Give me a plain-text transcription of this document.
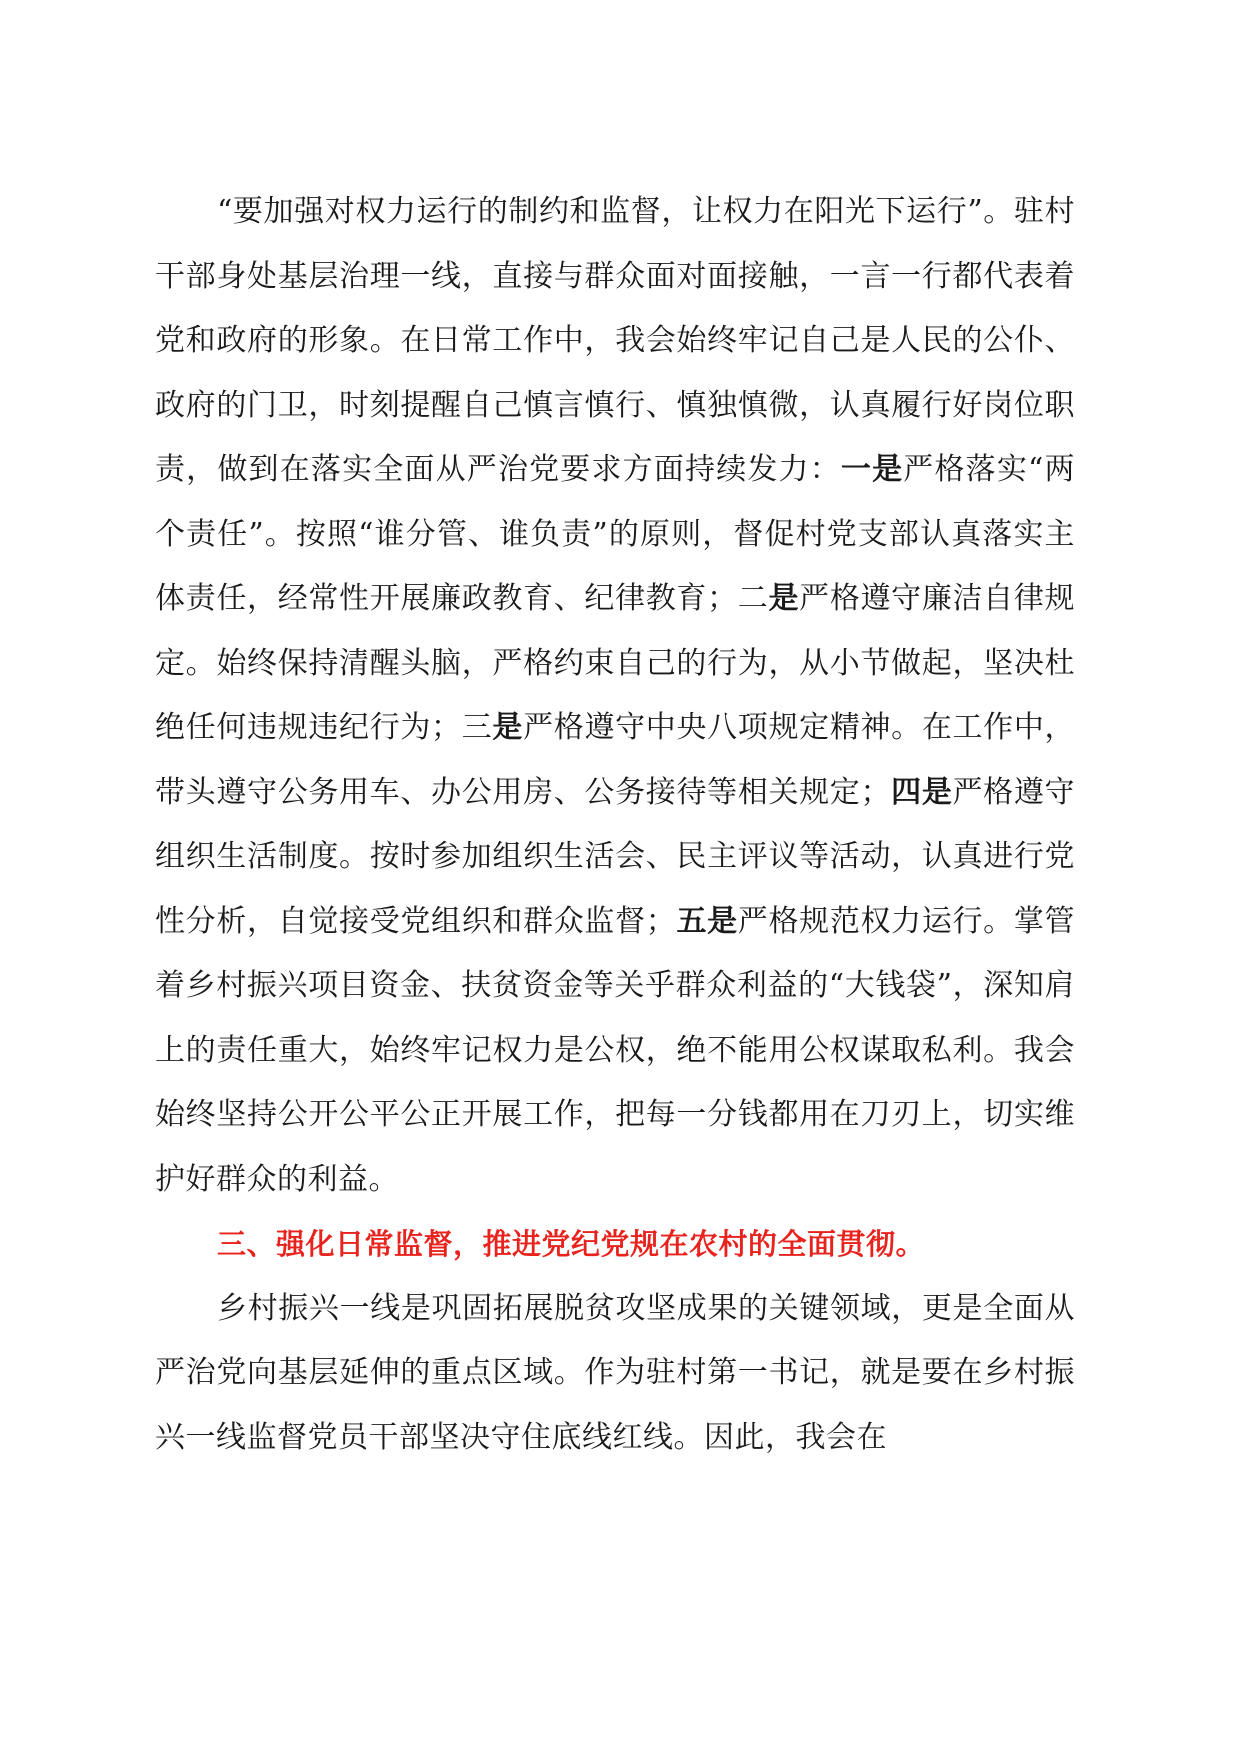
“要加强对权力运行的制约和监督，让权力在阳光下运行”。驻村干部身处基层治理一线，直接与群众面对面接触，一言一行都代表着党和政府的形象。在日常工作中，我会始终牢记自己是人民的公仆、政府的门卫，时刻提醒自己慎言慎行、慎独慎微，认真履行好岗位职责，做到在落实全面从严治党要求方面持续发力：一是严格落实“两个责任”。按照“谁分管、谁负责”的原则，督促村党支部认真落实主体责任，经常性开展廉政教育、纪律教育；二是严格遵守廉洁自律规定。始终保持清醒头脑，严格约束自己的行为，从小节做起，坚决杜绝任何违规违纪行为；三是严格遵守中央八项规定精神。在工作中，带头遵守公务用车、办公用房、公务接待等相关规定；四是严格遵守组织生活制度。按时参加组织生活会、民主评议等活动，认真进行党性分析，自觉接受党组织和群众监督；五是严格规范权力运行。掌管着乡村振兴项目资金、扶贫资金等关乎群众利益的“大钱袋”，深知肩上的责任重大，始终牢记权力是公权，绝不能用公权谋取私利。我会始终坚持公开公平公正开展工作，把每一分钱都用在刀刃上，切实维护好群众的利益。

三、强化日常监督，推进党纪党规在农村的全面贯彻。

乡村振兴一线是巩固拓展脱贫攻坚成果的关键领域，更是全面从严治党向基层延伸的重点区域。作为驻村第一书记，就是要在乡村振兴一线监督党员干部坚决守住底线红线。因此，我会在
